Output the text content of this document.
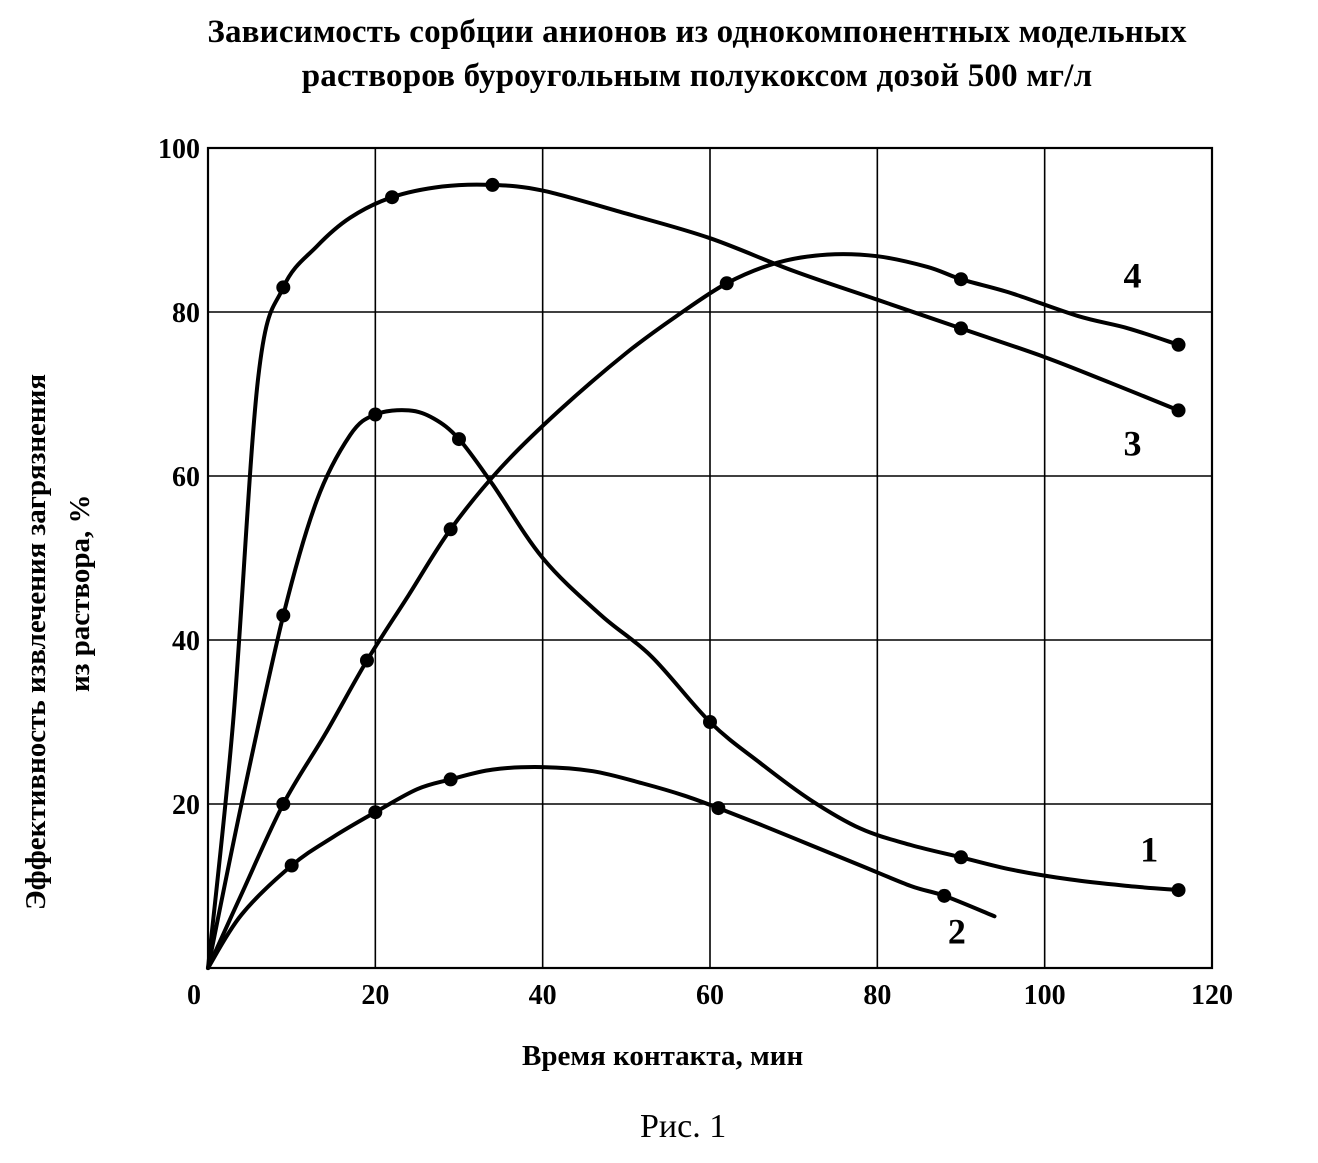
Зависимость сорбции анионов из однокомпонентных модельных
растворов буроугольным полукоксом дозой 500 мг/л
0	20	40	60	80	100	120
20
40
60
80
100
1
2
3
4
Эффективность извлечения загрязнения из раствора, %
Время контакта, мин
Рис. 1
